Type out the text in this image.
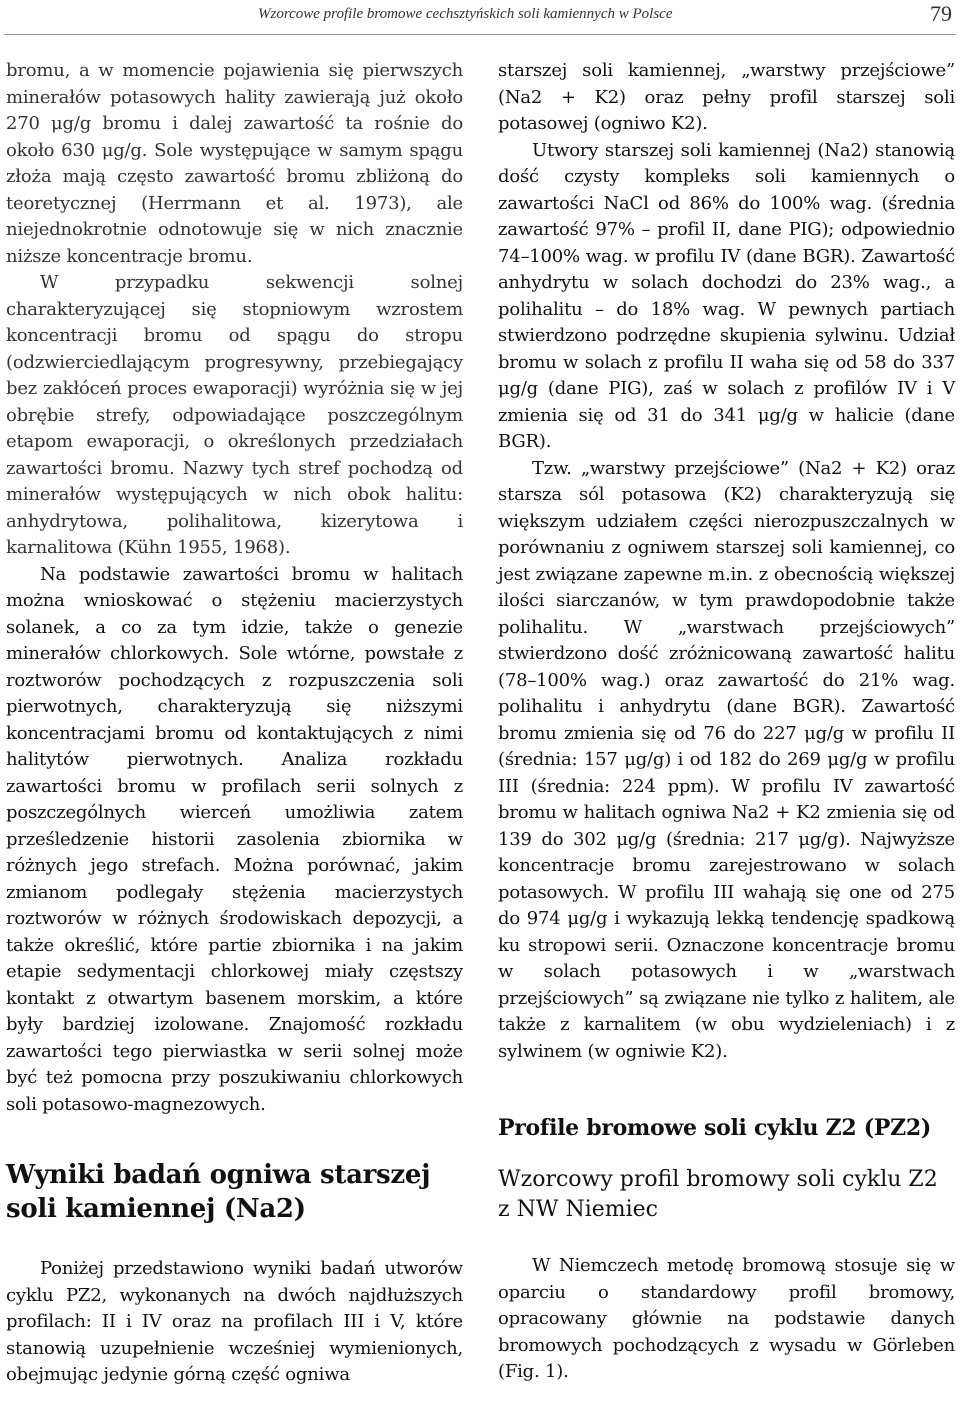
Wzorcowe profile bromowe cechsztyńskich soli kamiennych w Polsce	79

bromu, a w momencie pojawienia się pierwszych minerałów potasowych hality zawierają już około 270 μg/g bromu i dalej zawartość ta rośnie do około 630 μg/g. Sole występujące w samym spągu złoża mają często zawartość bromu zbliżoną do teoretycznej (Herrmann et al. 1973), ale niejednokrotnie odnotowuje się w nich znacznie niższe koncentracje bromu.

W przypadku sekwencji solnej charakteryzującej się stopniowym wzrostem koncentracji bromu od spągu do stropu (odzwierciedlającym progresywny, przebiegający bez zakłóceń proces ewaporacji) wyróżnia się w jej obrębie strefy, odpowiadające poszczególnym etapom ewaporacji, o określonych przedziałach zawartości bromu. Nazwy tych stref pochodzą od minerałów występujących w nich obok halitu: anhydrytowa, polihalitowa, kizerytowa i karnalitowa (Kühn 1955, 1968).

Na podstawie zawartości bromu w halitach można wnioskować o stężeniu macierzystych solanek, a co za tym idzie, także o genezie minerałów chlorkowych. Sole wtórne, powstałe z roztworów pochodzących z rozpuszczenia soli pierwotnych, charakteryzują się niższymi koncentracjami bromu od kontaktujących z nimi halitytów pierwotnych. Analiza rozkładu zawartości bromu w profilach serii solnych z poszczególnych wierceń umożliwia zatem prześledzenie historii zasolenia zbiornika w różnych jego strefach. Można porównać, jakim zmianom podlegały stężenia macierzystych roztworów w różnych środowiskach depozycji, a także określić, które partie zbiornika i na jakim etapie sedymentacji chlorkowej miały częstszy kontakt z otwartym basenem morskim, a które były bardziej izolowane. Znajomość rozkładu zawartości tego pierwiastka w serii solnej może być też pomocna przy poszukiwaniu chlorkowych soli potasowo-magnezowych.

Wyniki badań ogniwa starszej soli kamiennej (Na2)

Poniżej przedstawiono wyniki badań utworów cyklu PZ2, wykonanych na dwóch najdłuższych profilach: II i IV oraz na profilach III i V, które stanowią uzupełnienie wcześniej wymienionych, obejmując jedynie górną część ogniwa

starszej soli kamiennej, „warstwy przejściowe” (Na2 + K2) oraz pełny profil starszej soli potasowej (ogniwo K2).

Utwory starszej soli kamiennej (Na2) stanowią dość czysty kompleks soli kamiennych o zawartości NaCl od 86% do 100% wag. (średnia zawartość 97% – profil II, dane PIG); odpowiednio 74–100% wag. w profilu IV (dane BGR). Zawartość anhydrytu w solach dochodzi do 23% wag., a polihalitu – do 18% wag. W pewnych partiach stwierdzono podrzędne skupienia sylwinu. Udział bromu w solach z profilu II waha się od 58 do 337 μg/g (dane PIG), zaś w solach z profilów IV i V zmienia się od 31 do 341 μg/g w halicie (dane BGR).

Tzw. „warstwy przejściowe” (Na2 + K2) oraz starsza sól potasowa (K2) charakteryzują się większym udziałem części nierozpuszczalnych w porównaniu z ogniwem starszej soli kamiennej, co jest związane zapewne m.in. z obecnością większej ilości siarczanów, w tym prawdopodobnie także polihalitu. W „warstwach przejściowych” stwierdzono dość zróżnicowaną zawartość halitu (78–100% wag.) oraz zawartość do 21% wag. polihalitu i anhydrytu (dane BGR). Zawartość bromu zmienia się od 76 do 227 μg/g w profilu II (średnia: 157 μg/g) i od 182 do 269 μg/g w profilu III (średnia: 224 ppm). W profilu IV zawartość bromu w halitach ogniwa Na2 + K2 zmienia się od 139 do 302 μg/g (średnia: 217 μg/g). Najwyższe koncentracje bromu zarejestrowano w solach potasowych. W profilu III wahają się one od 275 do 974 μg/g i wykazują lekką tendencję spadkową ku stropowi serii. Oznaczone koncentracje bromu w solach potasowych i w „warstwach przejściowych” są związane nie tylko z halitem, ale także z karnalitem (w obu wydzieleniach) i z sylwinem (w ogniwie K2).

Profile bromowe soli cyklu Z2 (PZ2)
Wzorcowy profil bromowy soli cyklu Z2 z NW Niemiec

W Niemczech metodę bromową stosuje się w oparciu o standardowy profil bromowy, opracowany głównie na podstawie danych bromowych pochodzących z wysadu w Görleben (Fig. 1).
